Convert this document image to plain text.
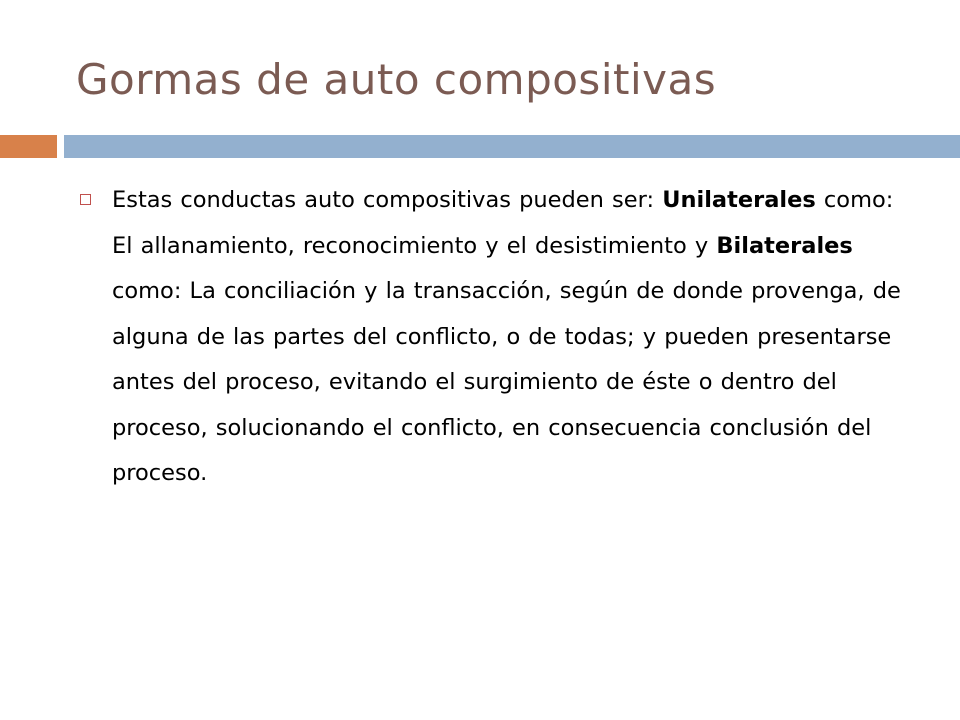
Gormas de auto compositivas
Estas conductas auto compositivas pueden ser: Unilaterales como: El allanamiento, reconocimiento y el desistimiento y Bilaterales como: La conciliación y la transacción, según de donde provenga, de alguna de las partes del conflicto, o de todas; y pueden presentarse antes del proceso, evitando el surgimiento de éste o dentro del proceso, solucionando el conflicto, en consecuencia conclusión del proceso.
